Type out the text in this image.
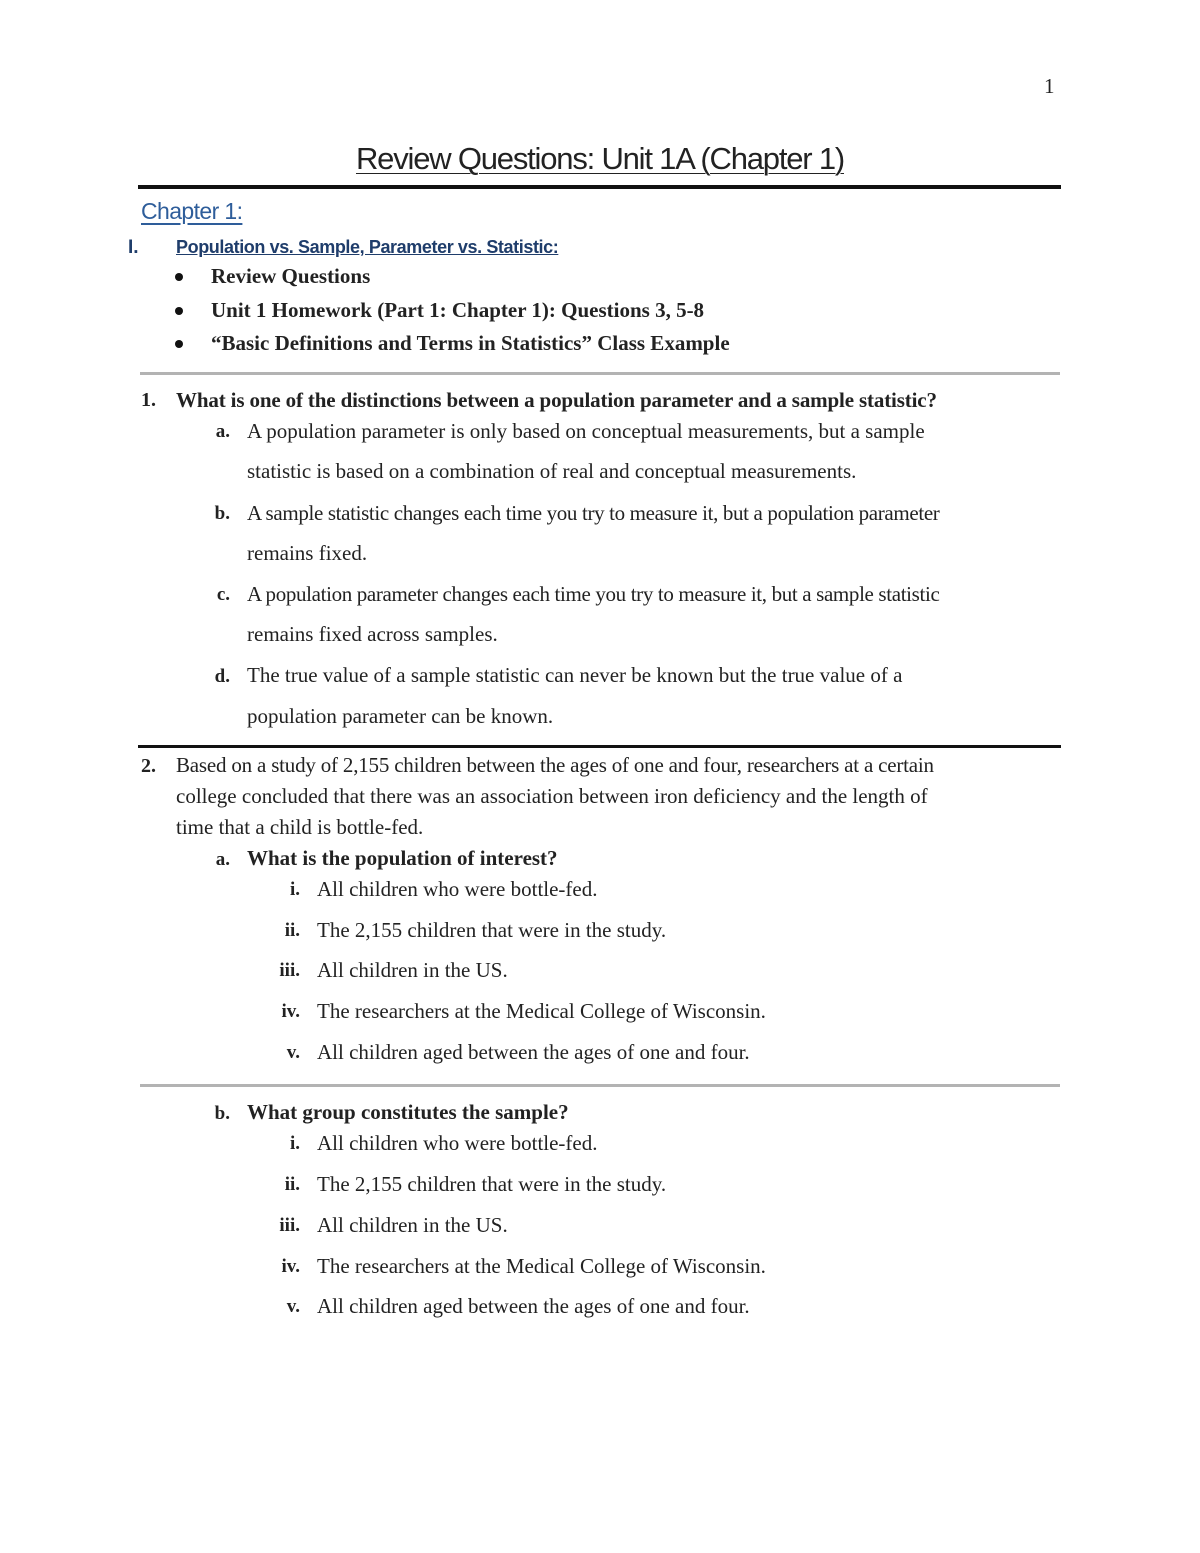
1
Review Questions: Unit 1A (Chapter 1)
Chapter 1:
I. Population vs. Sample, Parameter vs. Statistic:
Review Questions
Unit 1 Homework (Part 1: Chapter 1): Questions 3, 5-8
“Basic Definitions and Terms in Statistics” Class Example
1. What is one of the distinctions between a population parameter and a sample statistic?
a. A population parameter is only based on conceptual measurements, but a sample
statistic is based on a combination of real and conceptual measurements.
b. A sample statistic changes each time you try to measure it, but a population parameter
remains fixed.
c. A population parameter changes each time you try to measure it, but a sample statistic
remains fixed across samples.
d. The true value of a sample statistic can never be known but the true value of a
population parameter can be known.
2. Based on a study of 2,155 children between the ages of one and four, researchers at a certain
college concluded that there was an association between iron deficiency and the length of
time that a child is bottle-fed.
a. What is the population of interest?
i. All children who were bottle-fed.
ii. The 2,155 children that were in the study.
iii. All children in the US.
iv. The researchers at the Medical College of Wisconsin.
v. All children aged between the ages of one and four.
b. What group constitutes the sample?
i. All children who were bottle-fed.
ii. The 2,155 children that were in the study.
iii. All children in the US.
iv. The researchers at the Medical College of Wisconsin.
v. All children aged between the ages of one and four.
